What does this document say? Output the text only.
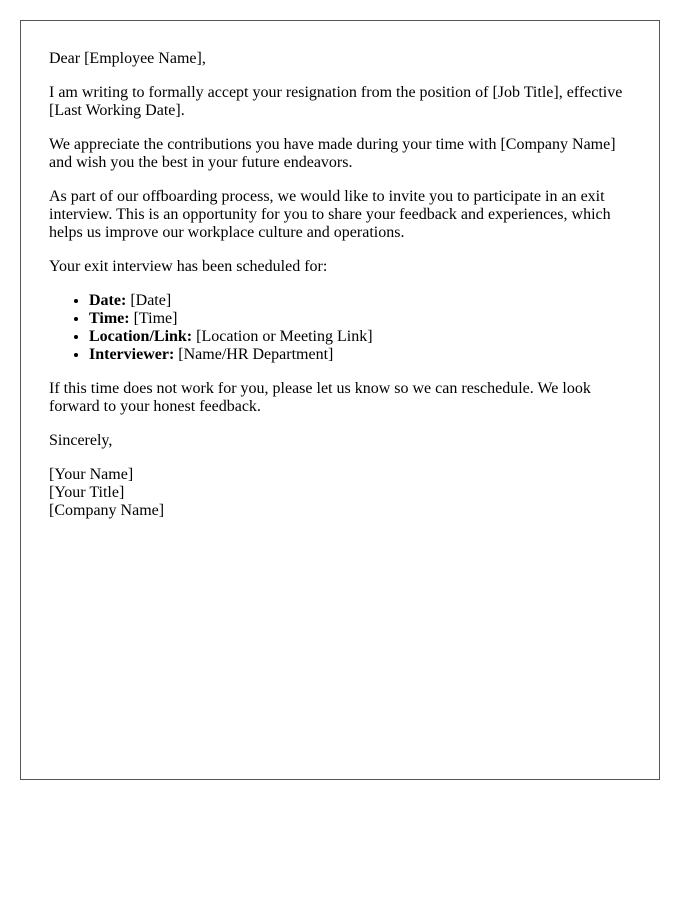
Dear [Employee Name],

I am writing to formally accept your resignation from the position of [Job Title], effective [Last Working Date].

We appreciate the contributions you have made during your time with [Company Name] and wish you the best in your future endeavors.

As part of our offboarding process, we would like to invite you to participate in an exit interview. This is an opportunity for you to share your feedback and experiences, which helps us improve our workplace culture and operations.

Your exit interview has been scheduled for:

• Date: [Date]
• Time: [Time]
• Location/Link: [Location or Meeting Link]
• Interviewer: [Name/HR Department]

If this time does not work for you, please let us know so we can reschedule. We look forward to your honest feedback.

Sincerely,

[Your Name]
[Your Title]
[Company Name]
